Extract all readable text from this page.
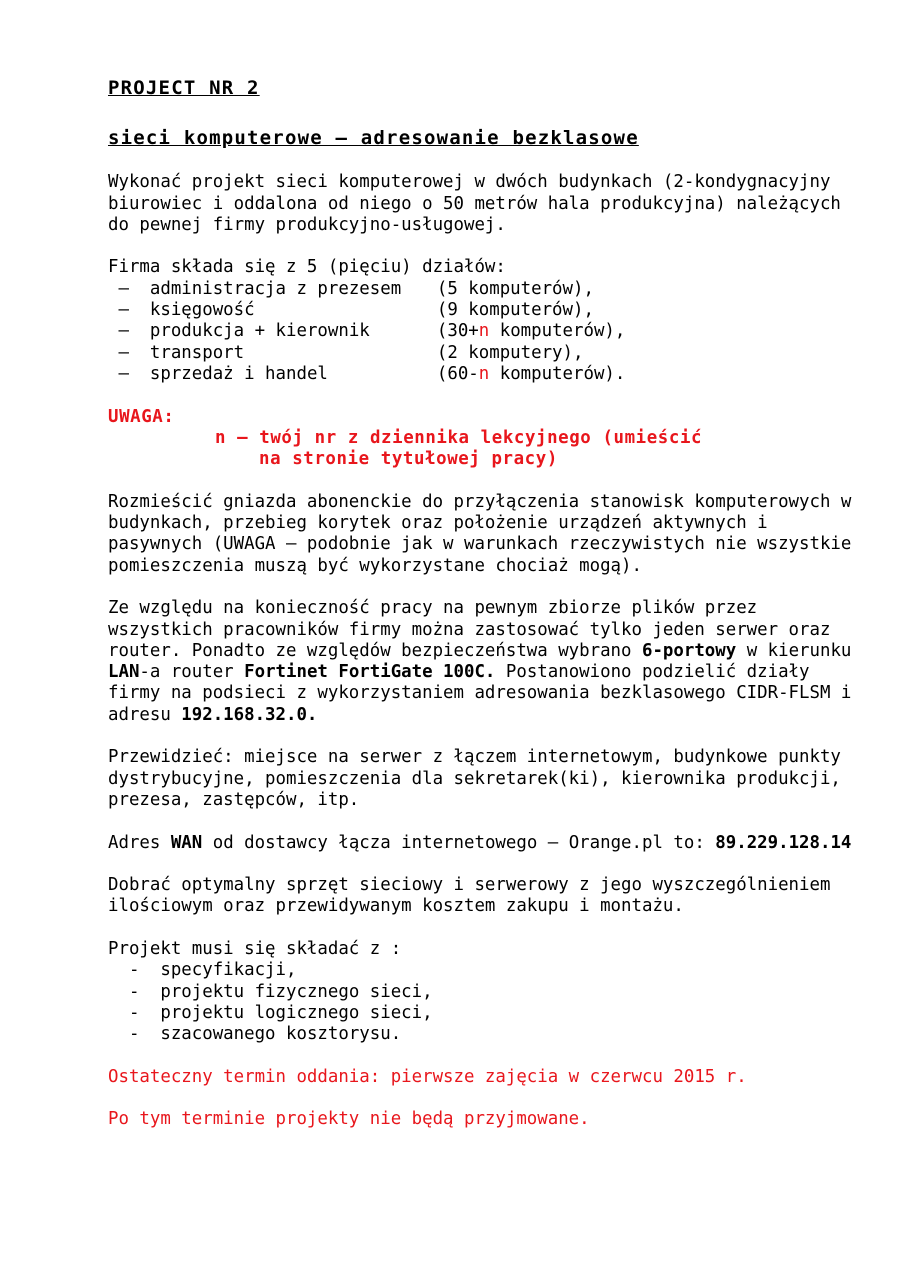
PROJECT NR 2
sieci komputerowe – adresowanie bezklasowe

Wykonać projekt sieci komputerowej w dwóch budynkach (2-kondygnacyjny biurowiec i oddalona od niego o 50 metrów hala produkcyjna) należących do pewnej firmy produkcyjno-usługowej.

Firma składa się z 5 (pięciu) działów:

–  administracja z prezesem (5 komputerów),
–  księgowość	(9 komputerów),
–  produkcja + kierownik	(30+n komputerów),
–  transport	(2 komputery),
–  sprzedaż i handel	(60-n komputerów).
UWAGA:
n – twój nr z dziennika lekcyjnego (umieścić
na stronie tytułowej pracy)

Rozmieścić gniazda abonenckie do przyłączenia stanowisk komputerowych w budynkach, przebieg korytek oraz położenie urządzeń aktywnych i pasywnych (UWAGA – podobnie jak w warunkach rzeczywistych nie wszystkie pomieszczenia muszą być wykorzystane chociaż mogą).

Ze względu na konieczność pracy na pewnym zbiorze plików przez wszystkich pracowników firmy można zastosować tylko jeden serwer oraz router. Ponadto ze względów bezpieczeństwa wybrano 6-portowy w kierunku LAN-a router Fortinet FortiGate 100C. Postanowiono podzielić działy firmy na podsieci z wykorzystaniem adresowania bezklasowego CIDR-FLSM i adresu 192.168.32.0.

Przewidzieć: miejsce na serwer z łączem internetowym, budynkowe punkty dystrybucyjne, pomieszczenia dla sekretarek(ki), kierownika produkcji, prezesa, zastępców, itp.

Adres WAN od dostawcy łącza internetowego – Orange.pl to: 89.229.128.14

Dobrać optymalny sprzęt sieciowy i serwerowy z jego wyszczególnieniem ilościowym oraz przewidywanym kosztem zakupu i montażu.

Projekt musi się składać z :

-  specyfikacji,
-  projektu fizycznego sieci,
-  projektu logicznego sieci,
-  szacowanego kosztorysu.

Ostateczny termin oddania: pierwsze zajęcia w czerwcu 2015 r.

Po tym terminie projekty nie będą przyjmowane.
